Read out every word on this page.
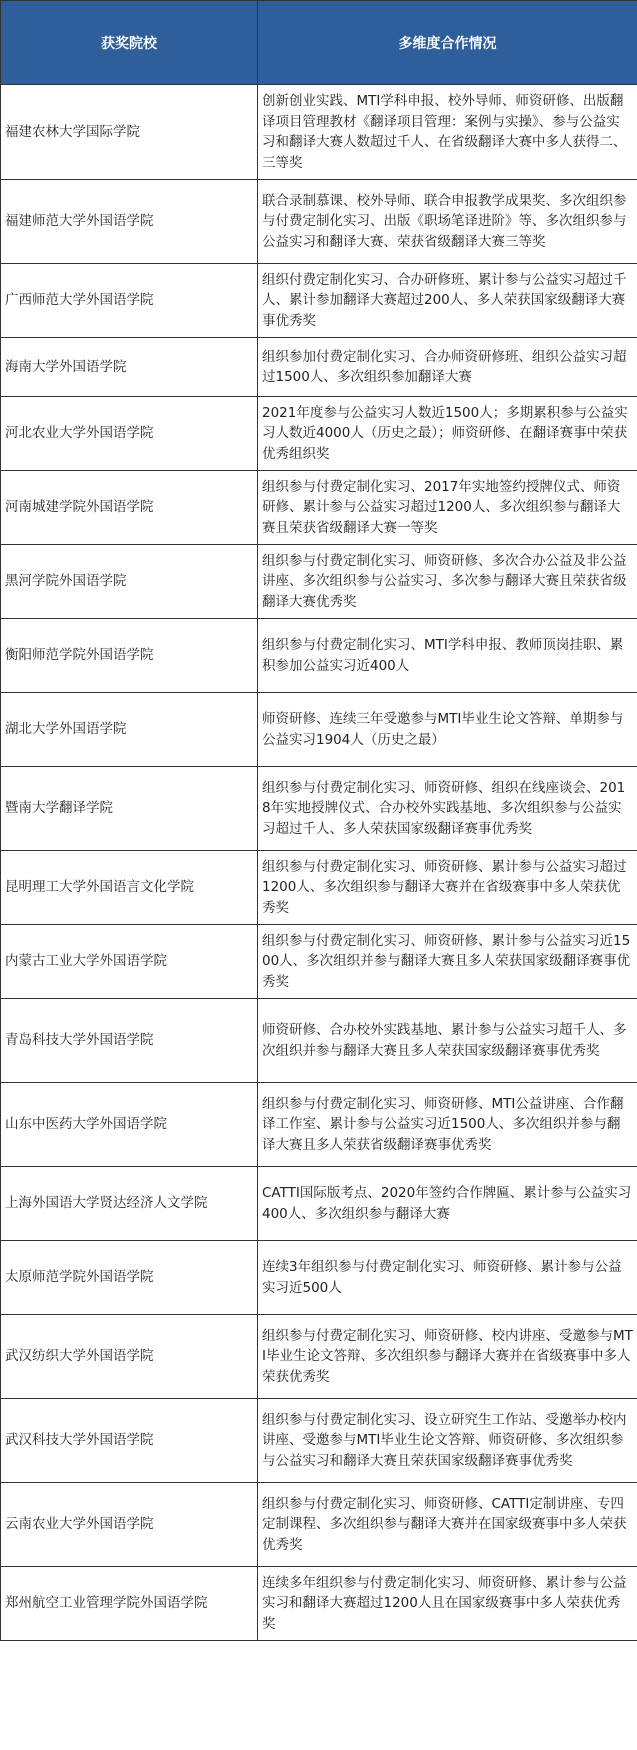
获奖院校	多维度合作情况
福建农林大学国际学院	创新创业实践、MTI学科申报、校外导师、师资研修、出版翻译项目管理教材《翻译项目管理：案例与实操》、参与公益实习和翻译大赛人数超过千人、在省级翻译大赛中多人获得二、三等奖
福建师范大学外国语学院	联合录制慕课、校外导师、联合申报教学成果奖、多次组织参与付费定制化实习、出版《职场笔译进阶》等、多次组织参与公益实习和翻译大赛、荣获省级翻译大赛三等奖
广西师范大学外国语学院	组织付费定制化实习、合办研修班、累计参与公益实习超过千人、累计参加翻译大赛超过200人、多人荣获国家级翻译大赛事优秀奖
海南大学外国语学院	组织参加付费定制化实习、合办师资研修班、组织公益实习超过1500人、多次组织参加翻译大赛
河北农业大学外国语学院	2021年度参与公益实习人数近1500人；多期累积参与公益实习人数近4000人（历史之最）；师资研修、在翻译赛事中荣获优秀组织奖
河南城建学院外国语学院	组织参与付费定制化实习、2017年实地签约授牌仪式、师资研修、累计参与公益实习超过1200人、多次组织参与翻译大赛且荣获省级翻译大赛一等奖
黑河学院外国语学院	组织参与付费定制化实习、师资研修、多次合办公益及非公益讲座、多次组织参与公益实习、多次参与翻译大赛且荣获省级翻译大赛优秀奖
衡阳师范学院外国语学院	组织参与付费定制化实习、MTI学科申报、教师顶岗挂职、累积参加公益实习近400人
湖北大学外国语学院	师资研修、连续三年受邀参与MTI毕业生论文答辩、单期参与公益实习1904人（历史之最）
暨南大学翻译学院	组织参与付费定制化实习、师资研修、组织在线座谈会、2018年实地授牌仪式、合办校外实践基地、多次组织参与公益实习超过千人、多人荣获国家级翻译赛事优秀奖
昆明理工大学外国语言文化学院	组织参与付费定制化实习、师资研修、累计参与公益实习超过1200人、多次组织参与翻译大赛并在省级赛事中多人荣获优秀奖
内蒙古工业大学外国语学院	组织参与付费定制化实习、师资研修、累计参与公益实习近1500人、多次组织并参与翻译大赛且多人荣获国家级翻译赛事优秀奖
青岛科技大学外国语学院	师资研修、合办校外实践基地、累计参与公益实习超千人、多次组织并参与翻译大赛且多人荣获国家级翻译赛事优秀奖
山东中医药大学外国语学院	组织参与付费定制化实习、师资研修、MTI公益讲座、合作翻译工作室、累计参与公益实习近1500人、多次组织并参与翻译大赛且多人荣获省级翻译赛事优秀奖
上海外国语大学贤达经济人文学院	CATTI国际版考点、2020年签约合作牌匾、累计参与公益实习400人、多次组织参与翻译大赛
太原师范学院外国语学院	连续3年组织参与付费定制化实习、师资研修、累计参与公益实习近500人
武汉纺织大学外国语学院	组织参与付费定制化实习、师资研修、校内讲座、受邀参与MTI毕业生论文答辩、多次组织参与翻译大赛并在省级赛事中多人荣获优秀奖
武汉科技大学外国语学院	组织参与付费定制化实习、设立研究生工作站、受邀举办校内讲座、受邀参与MTI毕业生论文答辩、师资研修、多次组织参与公益实习和翻译大赛且荣获国家级翻译赛事优秀奖
云南农业大学外国语学院	组织参与付费定制化实习、师资研修、CATTI定制讲座、专四定制课程、多次组织参与翻译大赛并在国家级赛事中多人荣获优秀奖
郑州航空工业管理学院外国语学院	连续多年组织参与付费定制化实习、师资研修、累计参与公益实习和翻译大赛超过1200人且在国家级赛事中多人荣获优秀奖
